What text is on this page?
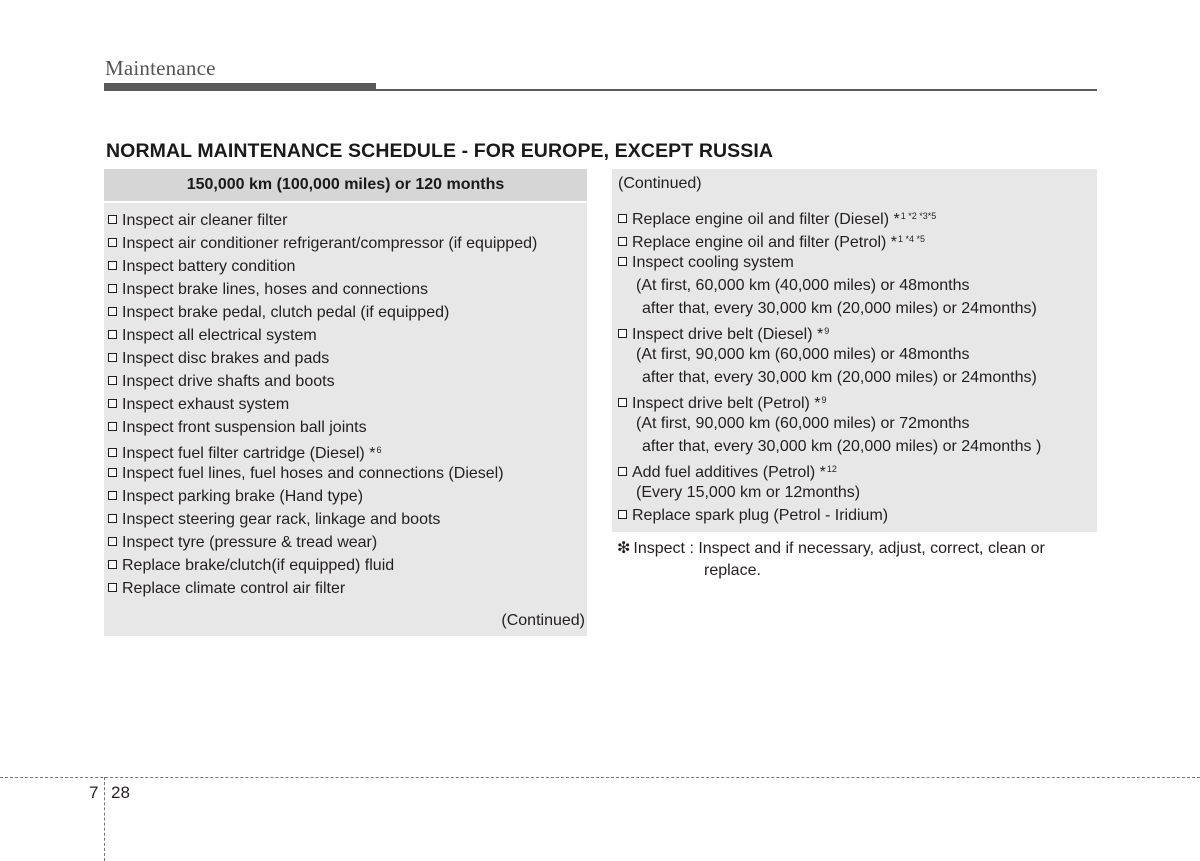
Maintenance
NORMAL MAINTENANCE SCHEDULE - FOR EUROPE, EXCEPT RUSSIA
150,000 km (100,000 miles) or 120 months
Inspect air cleaner filter
Inspect air conditioner refrigerant/compressor (if equipped)
Inspect battery condition
Inspect brake lines, hoses and connections
Inspect brake pedal, clutch pedal (if equipped)
Inspect all electrical system
Inspect disc brakes and pads
Inspect drive shafts and boots
Inspect exhaust system
Inspect front suspension ball joints
Inspect fuel filter cartridge (Diesel) *$^6$
Inspect fuel lines, fuel hoses and connections (Diesel)
Inspect parking brake (Hand type)
Inspect steering gear rack, linkage and boots
Inspect tyre (pressure & tread wear)
Replace brake/clutch(if equipped) fluid
Replace climate control air filter
(Continued)
(Continued)
Replace engine oil and filter (Diesel) *$^{1 *2 *3*5}$
Replace engine oil and filter (Petrol) *$^{1 *4 *5}$
Inspect cooling system
(At first, 60,000 km (40,000 miles) or 48months
after that, every 30,000 km (20,000 miles) or 24months)
Inspect drive belt (Diesel) *$^9$
(At first, 90,000 km (60,000 miles) or 48months
after that, every 30,000 km (20,000 miles) or 24months)
Inspect drive belt (Petrol) *$^9$
(At first, 90,000 km (60,000 miles) or 72months
after that, every 30,000 km (20,000 miles) or 24months )
Add fuel additives (Petrol) *$^{12}$
(Every 15,000 km or 12months)
Replace spark plug (Petrol - Iridium)
❇ Inspect : Inspect and if necessary, adjust, correct, clean or
replace.
7 28
